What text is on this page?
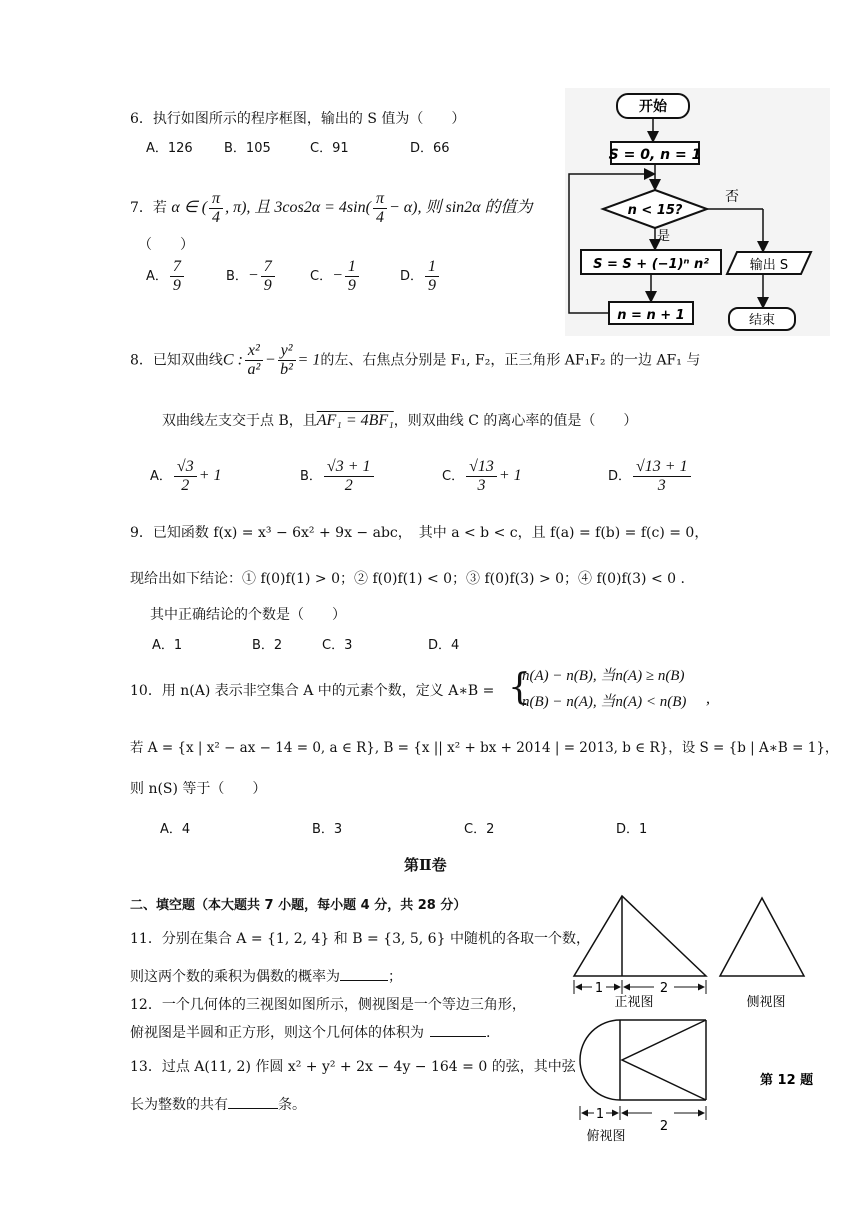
6．执行如图所示的程序框图，输出的 S 值为（　　）
A．126 B．105	C．91	D．66
开始
S = 0, n = 1
n < 15?
否
是
S = S + (−1)ⁿ n²
n = n + 1
输出 S
结束
7．若 α ∈ ( $\frac{\pi}{4}$ , π), 且 $3\cos 2\alpha = 4\sin( \frac{\pi}{4} - \alpha)$, 则 sin2α 的值为
（　　）
A． $\frac{7}{9}$	B．− $\frac{7}{9}$	C．− $\frac{1}{9}$	D． $\frac{1}{9}$
8．已知双曲线C : $\frac{\text{x²}}{\text{a²}} - \frac{\text{y²}}{\text{b²}} = 1$的左、右焦点分别是 F₁, F₂，正三角形 AF₁F₂ 的一边 AF₁ 与
双曲线左支交于点 B，且AF₁ = 4BF₁，则双曲线 C 的离心率的值是（　　）
A． $\frac{√3}{2} + 1$	B． $\frac{√3 + 1}{2}$	C． $\frac{√13}{3} + 1$	D． $\frac{√13 + 1}{3}$
9．已知函数 f(x) = x³ − 6x² + 9x − abc，　其中 a < b < c，且 f(a) = f(b) = f(c) = 0，
现给出如下结论：① f(0)f(1) > 0；② f(0)f(1) < 0；③ f(0)f(3) > 0；④ f(0)f(3) < 0 .
其中正确结论的个数是（　　）
A．1	B．2	C．3	D．4
10．用 n(A) 表示非空集合 A 中的元素个数，定义 A∗B = {
n(A) − n(B), 当n(A) ≥ n(B)
n(B) − n(A), 当n(A) < n(B) ,
若 A = {x | x² − ax − 14 = 0, a ∈ R}, B = {x || x² + bx + 2014 | = 2013, b ∈ R}，设 S = {b | A∗B = 1}，
则 n(S) 等于（　　）
A．4	B．3	C．2	D．1
第Ⅱ卷
二、填空题（本大题共 7 小题，每小题 4 分，共 28 分）
11．分别在集合 A = {1, 2, 4} 和 B = {3, 5, 6} 中随机的各取一个数，
则这两个数的乘积为偶数的概率为	；
12．一个几何体的三视图如图所示，侧视图是一个等边三角形，
俯视图是半圆和正方形，则这个几何体的体积为	.
13．过点 A(11, 2) 作圆 x² + y² + 2x − 4y − 164 = 0 的弦，其中弦
长为整数的共有	条。
1	2
正视图	侧视图
1
2
俯视图
第 12 题
